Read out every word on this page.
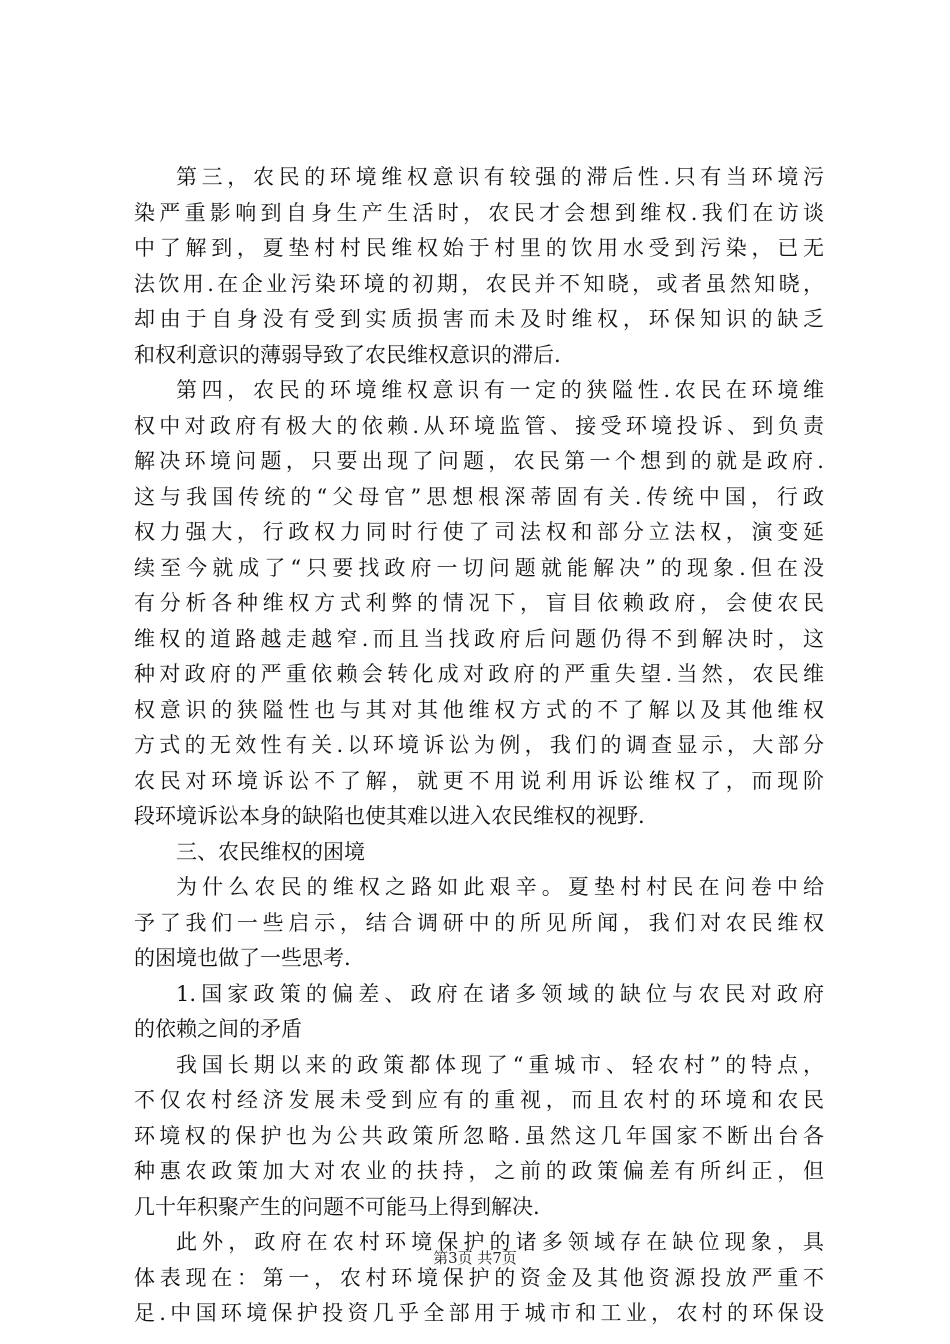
第三，农民的环境维权意识有较强的滞后性.只有当环境污
染严重影响到自身生产生活时，农民才会想到维权.我们在访谈
中了解到，夏垫村村民维权始于村里的饮用水受到污染，已无
法饮用.在企业污染环境的初期，农民并不知晓，或者虽然知晓，
却由于自身没有受到实质损害而未及时维权，环保知识的缺乏
和权利意识的薄弱导致了农民维权意识的滞后.
第四，农民的环境维权意识有一定的狭隘性.农民在环境维
权中对政府有极大的依赖.从环境监管、接受环境投诉、到负责
解决环境问题，只要出现了问题，农民第一个想到的就是政府.
这与我国传统的“父母官”思想根深蒂固有关.传统中国，行政
权力强大，行政权力同时行使了司法权和部分立法权，演变延
续至今就成了“只要找政府一切问题就能解决”的现象.但在没
有分析各种维权方式利弊的情况下，盲目依赖政府，会使农民
维权的道路越走越窄.而且当找政府后问题仍得不到解决时，这
种对政府的严重依赖会转化成对政府的严重失望.当然，农民维
权意识的狭隘性也与其对其他维权方式的不了解以及其他维权
方式的无效性有关.以环境诉讼为例，我们的调查显示，大部分
农民对环境诉讼不了解，就更不用说利用诉讼维权了，而现阶
段环境诉讼本身的缺陷也使其难以进入农民维权的视野.
三、农民维权的困境
为什么农民的维权之路如此艰辛。夏垫村村民在问卷中给
予了我们一些启示，结合调研中的所见所闻，我们对农民维权
的困境也做了一些思考.
1.国家政策的偏差、政府在诸多领域的缺位与农民对政府
的依赖之间的矛盾
我国长期以来的政策都体现了“重城市、轻农村”的特点，
不仅农村经济发展未受到应有的重视，而且农村的环境和农民
环境权的保护也为公共政策所忽略.虽然这几年国家不断出台各
种惠农政策加大对农业的扶持，之前的政策偏差有所纠正，但
几十年积聚产生的问题不可能马上得到解决.
此外，政府在农村环境保护的诸多领域存在缺位现象，具
体表现在：第一，农村环境保护的资金及其他资源投放严重不
足.中国环境保护投资几乎全部用于城市和工业，农村的环保设
第3页 共7页
